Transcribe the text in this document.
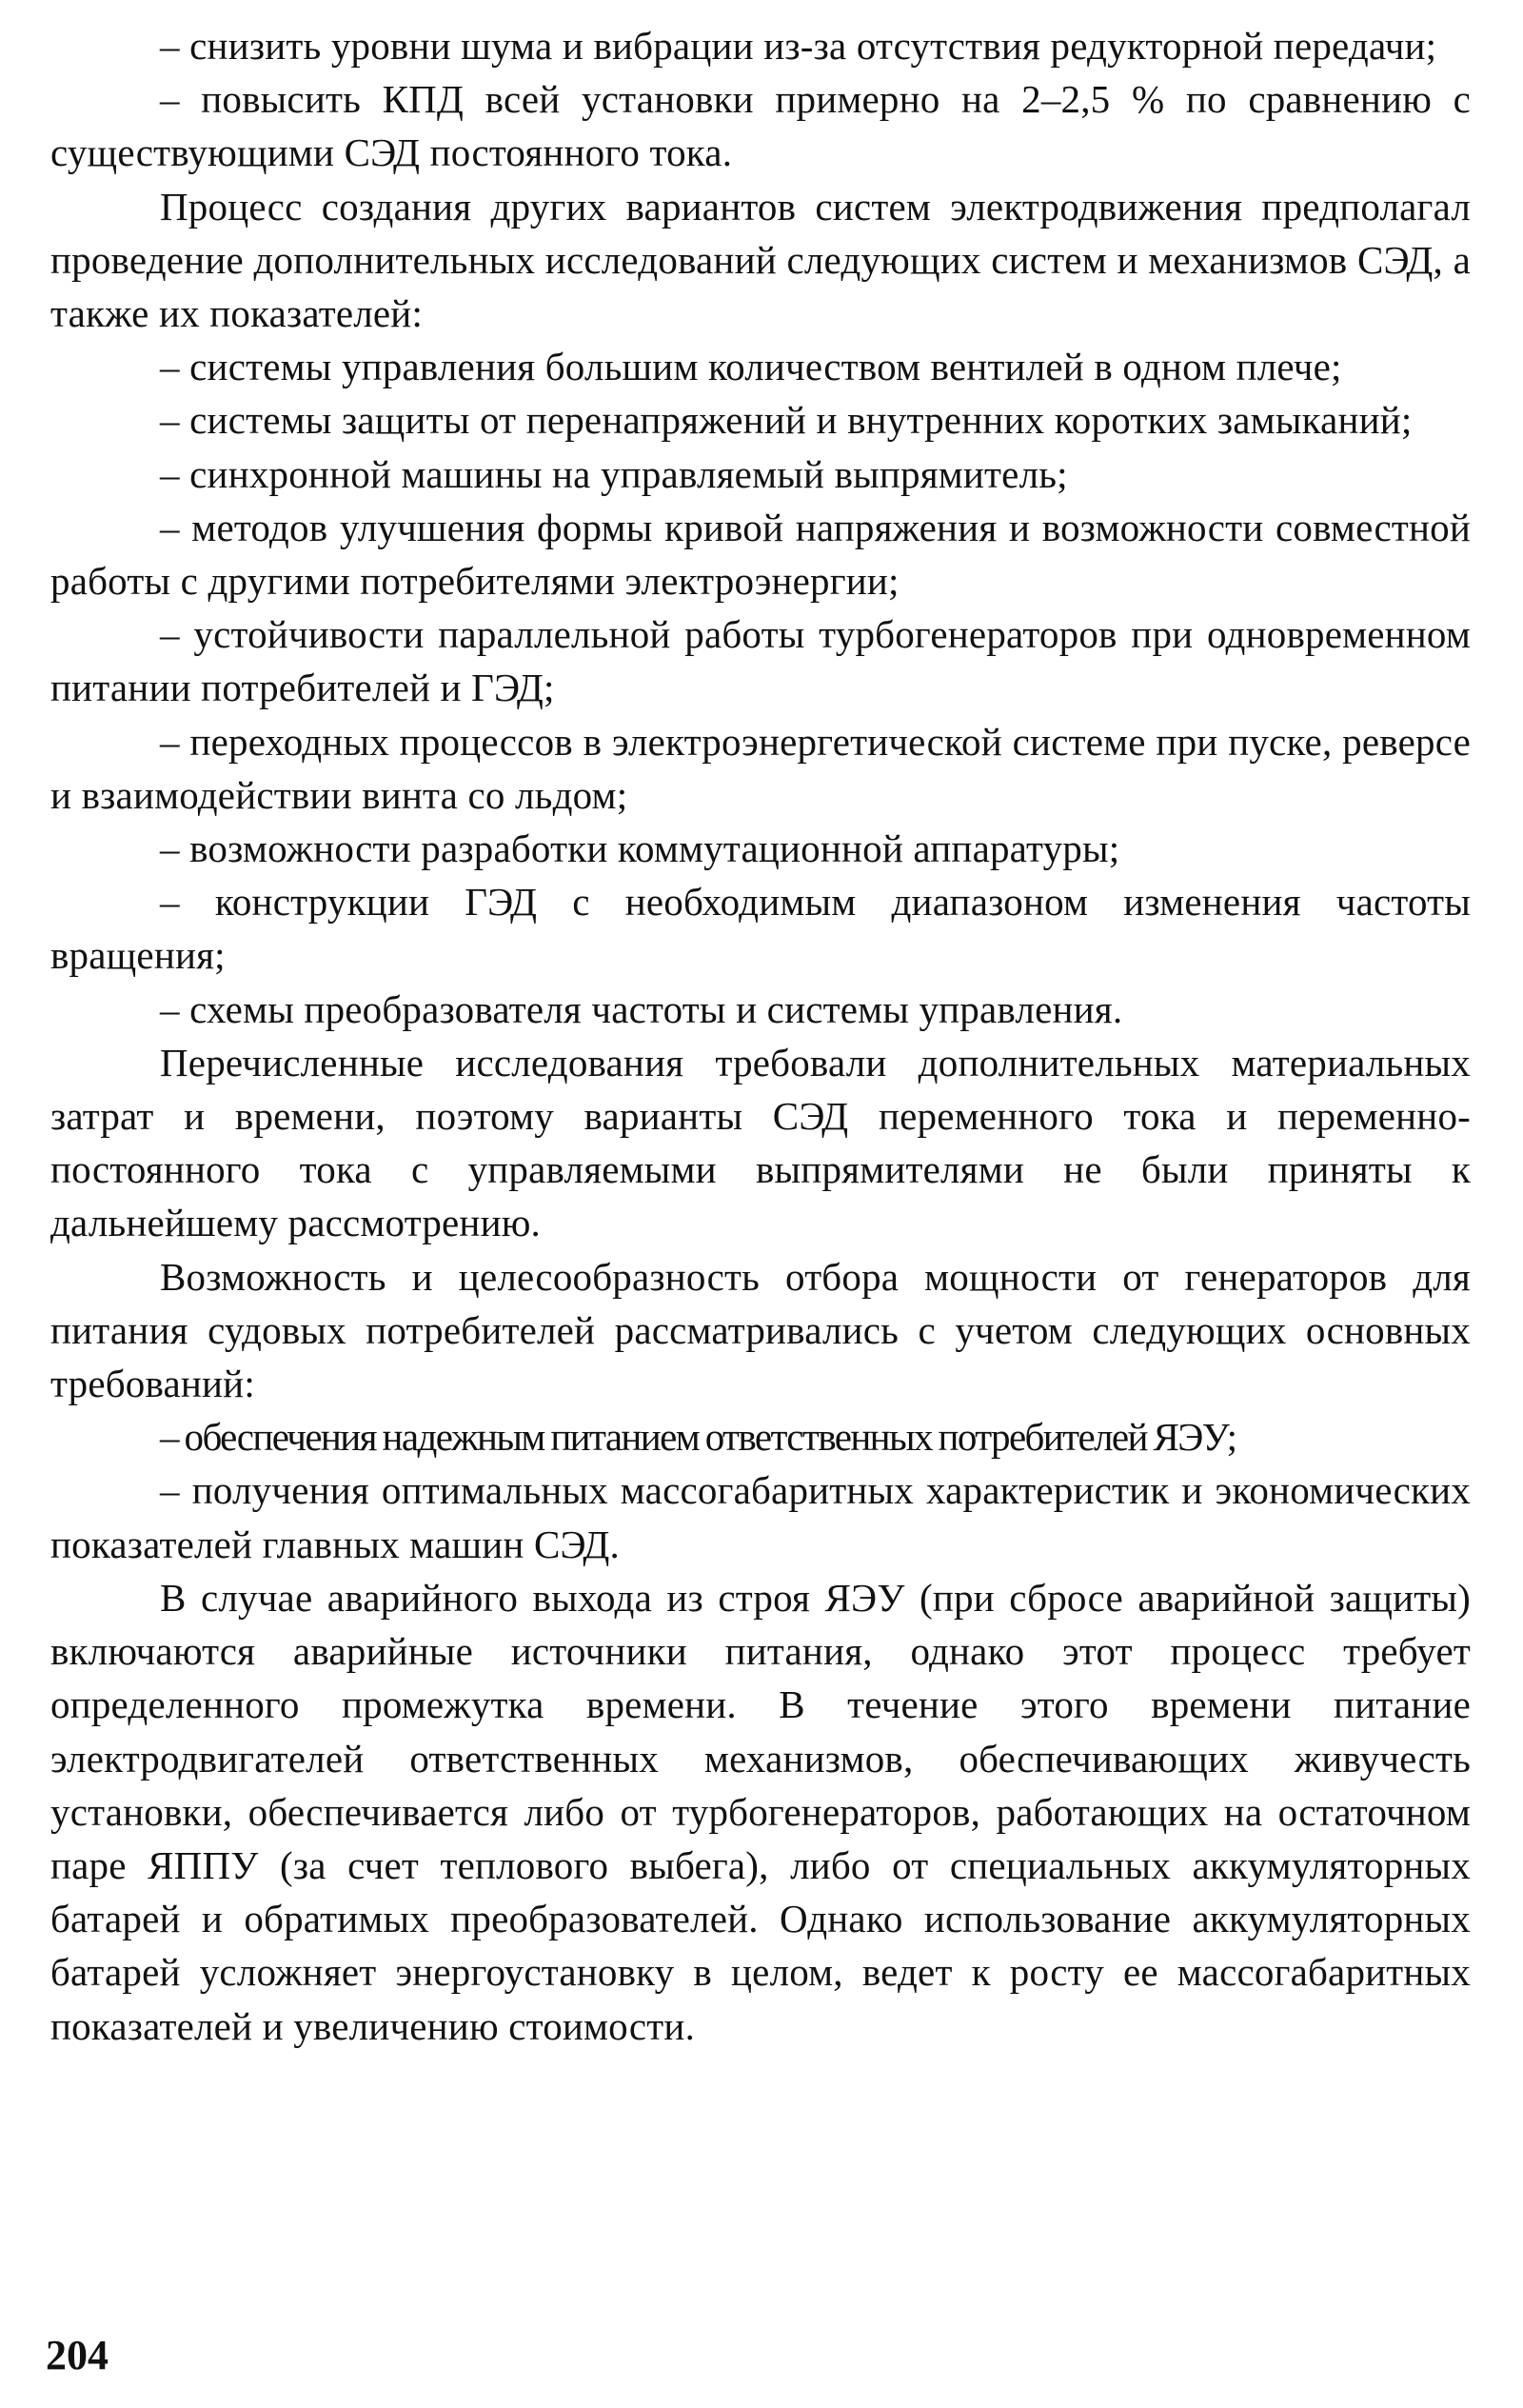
– снизить уровни шума и вибрации из-за отсутствия редукторной передачи;

– повысить КПД всей установки примерно на 2–2,5 % по сравнению с существующими СЭД постоянного тока.

Процесс создания других вариантов систем электродвижения предполагал проведение дополнительных исследований следующих систем и механизмов СЭД, а также их показателей:

– системы управления большим количеством вентилей в одном плече;

– системы защиты от перенапряжений и внутренних коротких замыканий;

– синхронной машины на управляемый выпрямитель;

– методов улучшения формы кривой напряжения и возможности совместной работы с другими потребителями электроэнергии;

– устойчивости параллельной работы турбогенераторов при одновременном питании потребителей и ГЭД;

– переходных процессов в электроэнергетической системе при пуске, реверсе и взаимодействии винта со льдом;

– возможности разработки коммутационной аппаратуры;

– конструкции ГЭД с необходимым диапазоном изменения частоты вращения;

– схемы преобразователя частоты и системы управления.

Перечисленные исследования требовали дополнительных материальных затрат и времени, поэтому варианты СЭД переменного тока и переменно-постоянного тока с управляемыми выпрямителями не были приняты к дальнейшему рассмотрению.

Возможность и целесообразность отбора мощности от генераторов для питания судовых потребителей рассматривались с учетом следующих основных требований:

– обеспечения надежным питанием ответственных потребителей ЯЭУ;

– получения оптимальных массогабаритных характеристик и экономических показателей главных машин СЭД.

В случае аварийного выхода из строя ЯЭУ (при сбросе аварийной защиты) включаются аварийные источники питания, однако этот процесс требует определенного промежутка времени. В течение этого времени питание электродвигателей ответственных механизмов, обеспечивающих живучесть установки, обеспечивается либо от турбогенераторов, работающих на остаточном паре ЯППУ (за счет теплового выбега), либо от специальных аккумуляторных батарей и обратимых преобразователей. Однако использование аккумуляторных батарей усложняет энергоустановку в целом, ведет к росту ее массогабаритных показателей и увеличению стоимости.

204
